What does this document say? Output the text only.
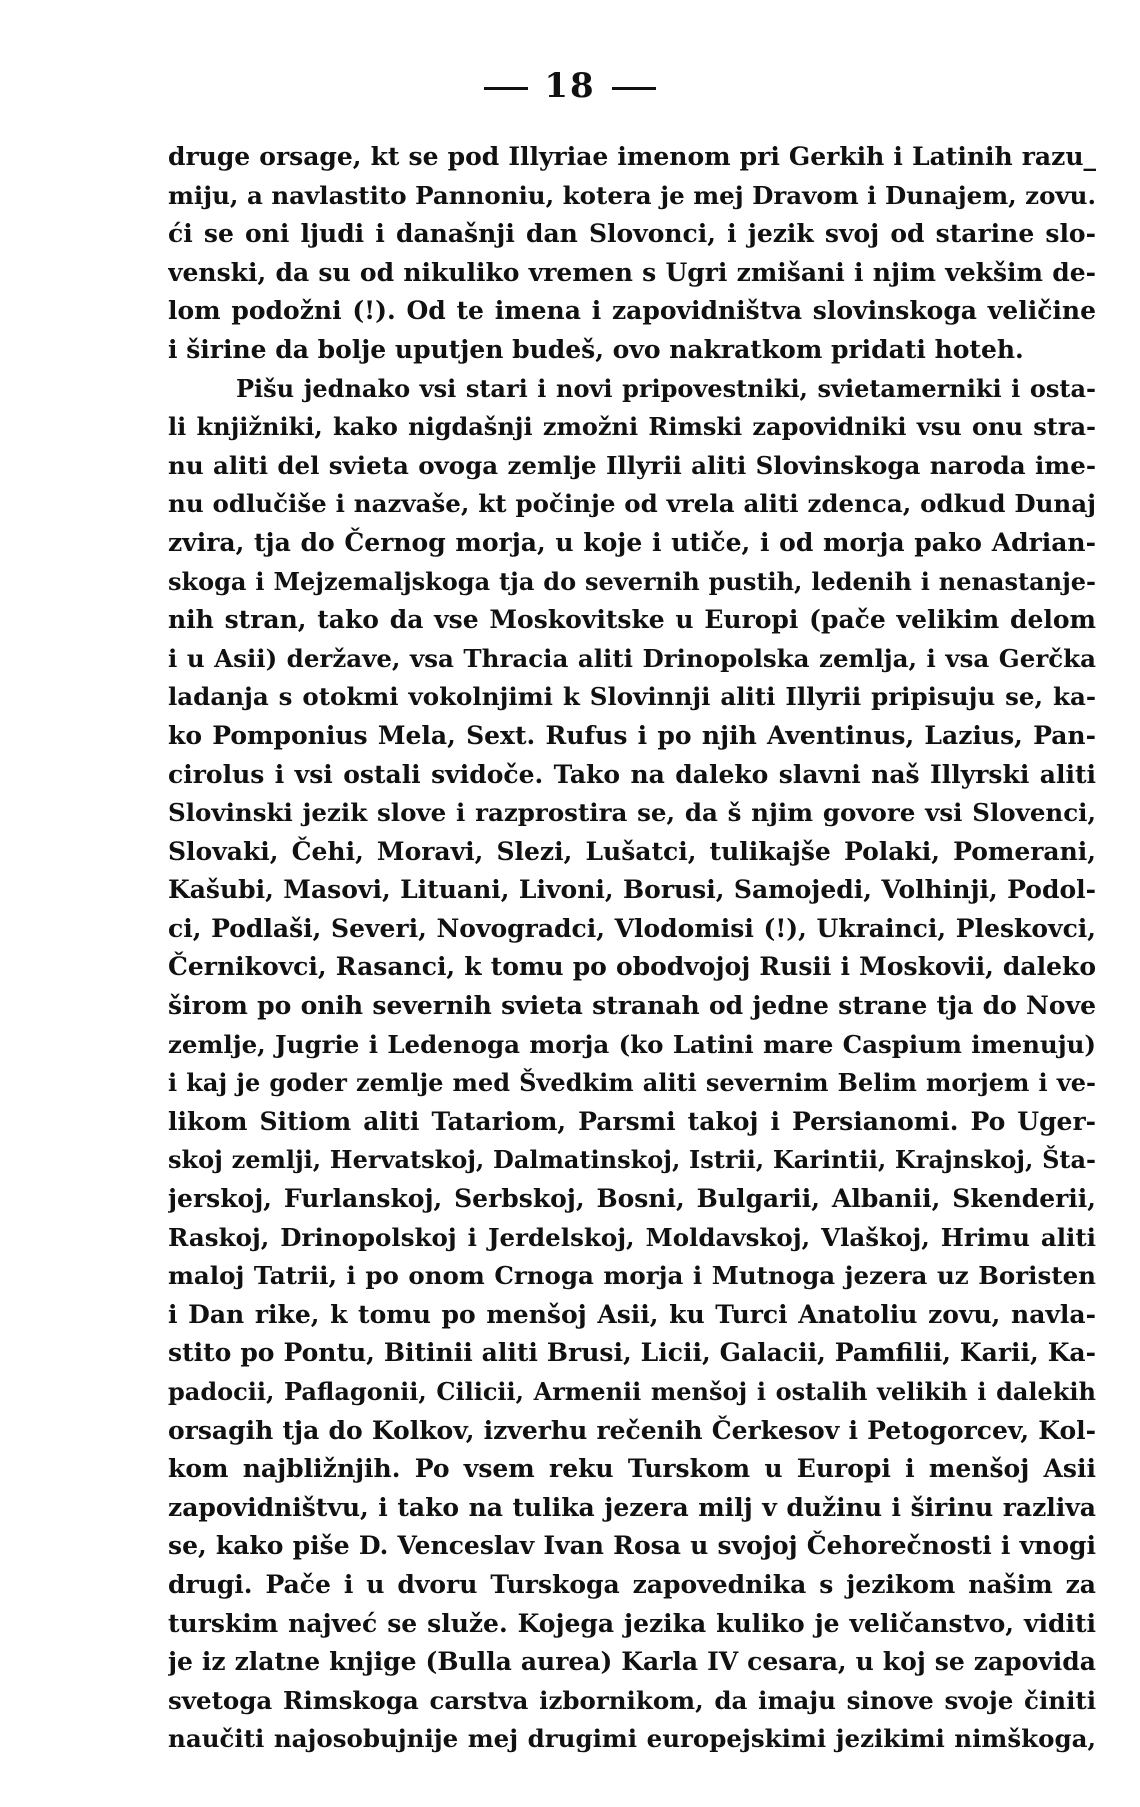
18
druge orsage, kt se pod Illyriae imenom pri Gerkih i Latinih razu_
miju, a navlastito Pannoniu, kotera je mej Dravom i Dunajem, zovu.
ći se oni ljudi i današnji dan Slovonci, i jezik svoj od starine slo-
venski, da su od nikuliko vremen s Ugri zmišani i njim vekšim de-
lom podožni (!). Od te imena i zapovidništva slovinskoga veličine
i širine da bolje uputjen budeš, ovo nakratkom pridati hoteh.
Pišu jednako vsi stari i novi pripovestniki, svietamerniki i osta-
li knjižniki, kako nigdašnji zmožni Rimski zapovidniki vsu onu stra-
nu aliti del svieta ovoga zemlje Illyrii aliti Slovinskoga naroda ime-
nu odlučiše i nazvaše, kt počinje od vrela aliti zdenca, odkud Dunaj
zvira, tja do Černog morja, u koje i utiče, i od morja pako Adrian-
skoga i Mejzemaljskoga tja do severnih pustih, ledenih i nenastanje-
nih stran, tako da vse Moskovitske u Europi (pače velikim delom
i u Asii) deržave, vsa Thracia aliti Drinopolska zemlja, i vsa Gerčka
ladanja s otokmi vokolnjimi k Slovinnji aliti Illyrii pripisuju se, ka-
ko Pomponius Mela, Sext. Rufus i po njih Aventinus, Lazius, Pan-
cirolus i vsi ostali svidoče. Tako na daleko slavni naš Illyrski aliti
Slovinski jezik slove i razprostira se, da š njim govore vsi Slovenci,
Slovaki, Čehi, Moravi, Slezi, Lušatci, tulikajše Polaki, Pomerani,
Kašubi, Masovi, Lituani, Livoni, Borusi, Samojedi, Volhinji, Podol-
ci, Podlaši, Severi, Novogradci, Vlodomisi (!), Ukrainci, Pleskovci,
Černikovci, Rasanci, k tomu po obodvojoj Rusii i Moskovii, daleko
širom po onih severnih svieta stranah od jedne strane tja do Nove
zemlje, Jugrie i Ledenoga morja (ko Latini mare Caspium imenuju)
i kaj je goder zemlje med Švedkim aliti severnim Belim morjem i ve-
likom Sitiom aliti Tatariom, Parsmi takoj i Persianomi. Po Uger-
skoj zemlji, Hervatskoj, Dalmatinskoj, Istrii, Karintii, Krajnskoj, Šta-
jerskoj, Furlanskoj, Serbskoj, Bosni, Bulgarii, Albanii, Skenderii,
Raskoj, Drinopolskoj i Jerdelskoj, Moldavskoj, Vlaškoj, Hrimu aliti
maloj Tatrii, i po onom Crnoga morja i Mutnoga jezera uz Boristen
i Dan rike, k tomu po menšoj Asii, ku Turci Anatoliu zovu, navla-
stito po Pontu, Bitinii aliti Brusi, Licii, Galacii, Pamfilii, Karii, Ka-
padocii, Paflagonii, Cilicii, Armenii menšoj i ostalih velikih i dalekih
orsagih tja do Kolkov, izverhu rečenih Čerkesov i Petogorcev, Kol-
kom najbližnjih. Po vsem reku Turskom u Europi i menšoj Asii
zapovidništvu, i tako na tulika jezera milj v dužinu i širinu razliva
se, kako piše D. Venceslav Ivan Rosa u svojoj Čehorečnosti i vnogi
drugi. Pače i u dvoru Turskoga zapovednika s jezikom našim za
turskim najveć se služe. Kojega jezika kuliko je veličanstvo, viditi
je iz zlatne knjige (Bulla aurea) Karla IV cesara, u koj se zapovida
svetoga Rimskoga carstva izbornikom, da imaju sinove svoje činiti
naučiti najosobujnije mej drugimi europejskimi jezikimi nimškoga,
